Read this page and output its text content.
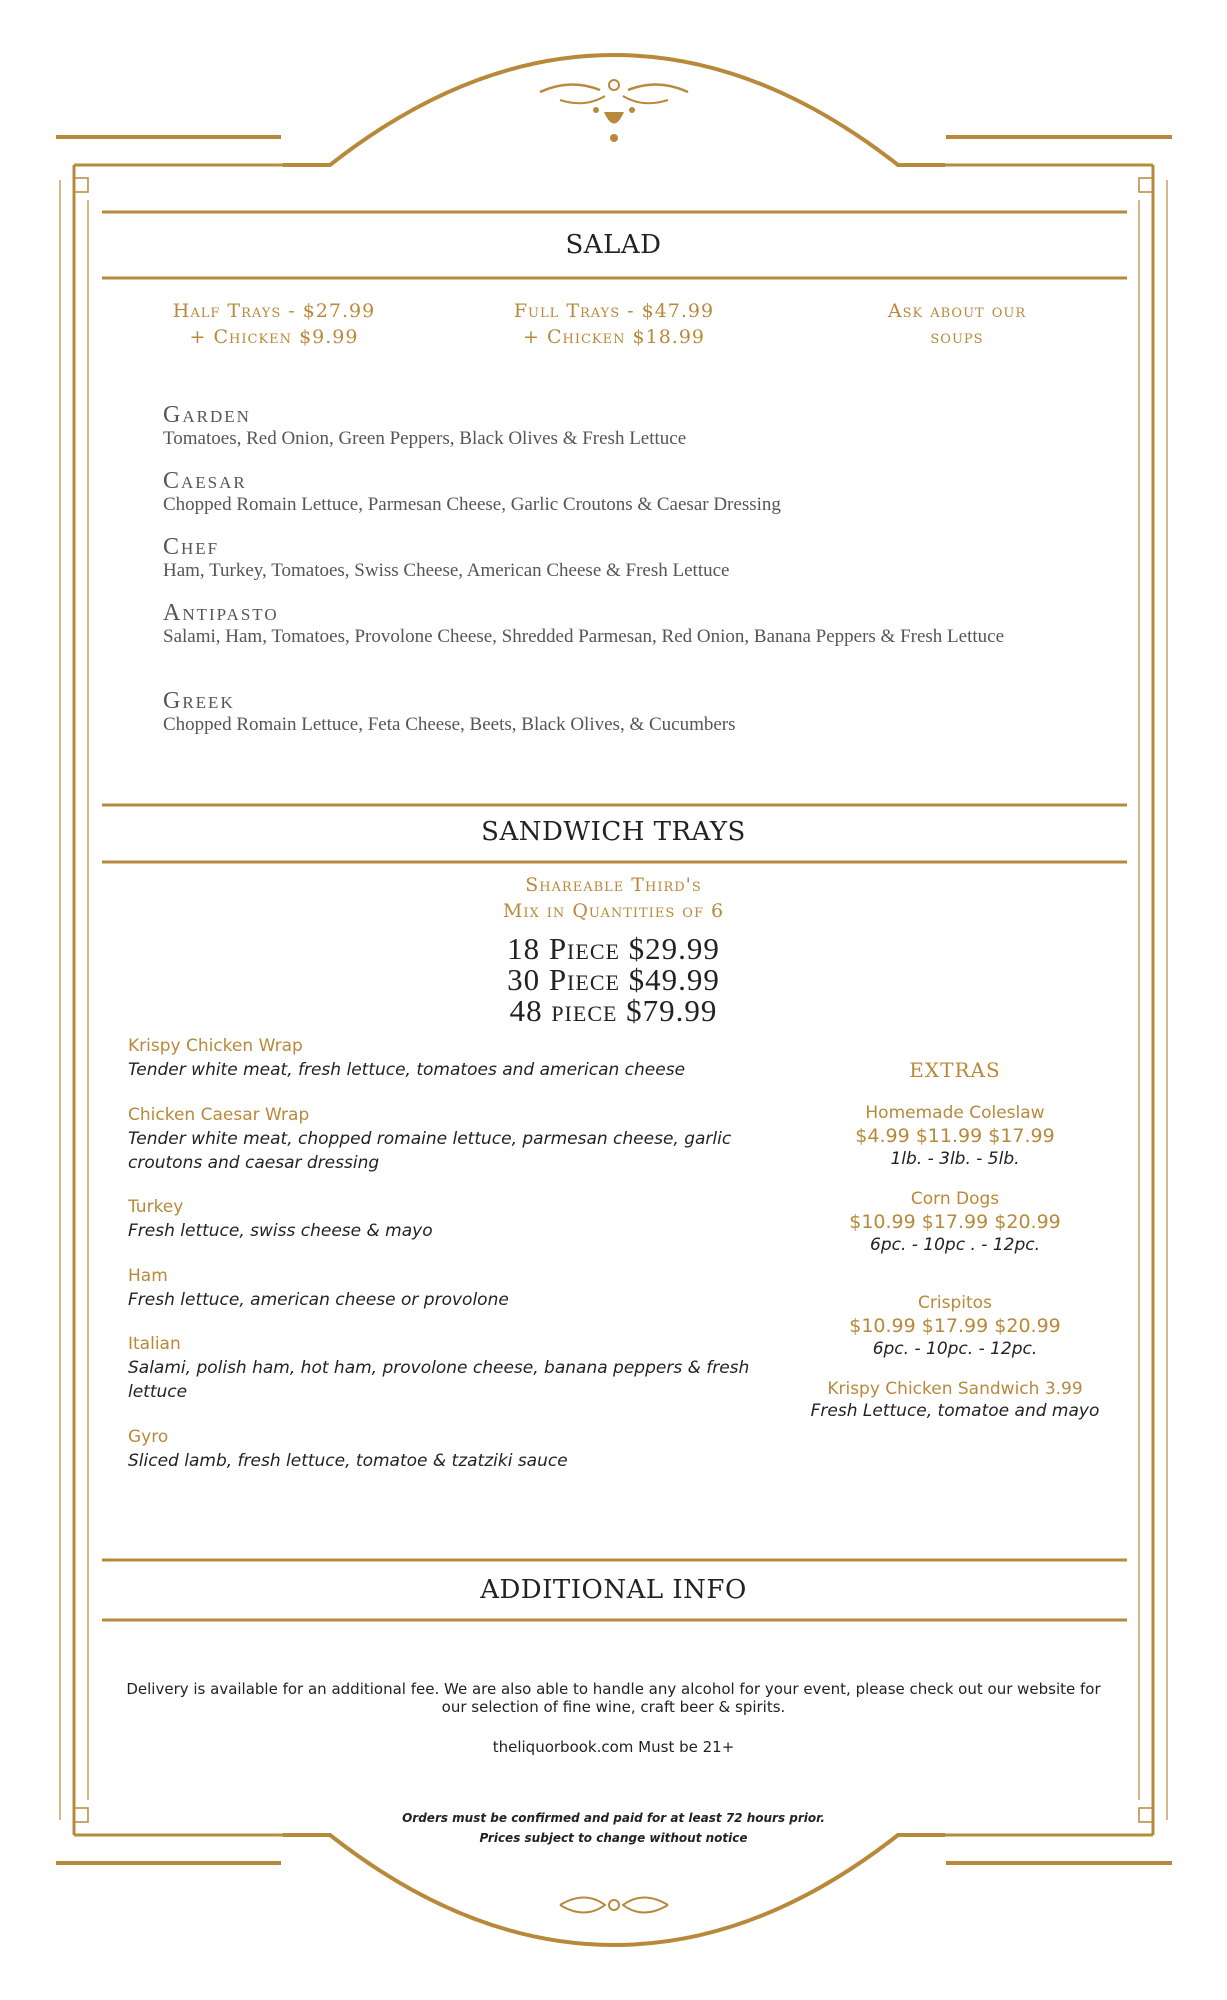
SALAD
Half Trays - $27.99
+ Chicken $9.99
Full Trays - $47.99
+ Chicken $18.99
Ask about our
soups
Garden
Tomatoes, Red Onion, Green Peppers, Black Olives & Fresh Lettuce
Caesar
Chopped Romain Lettuce, Parmesan Cheese, Garlic Croutons & Caesar Dressing
Chef
Ham, Turkey, Tomatoes, Swiss Cheese, American Cheese & Fresh Lettuce
Antipasto
Salami, Ham, Tomatoes, Provolone Cheese, Shredded Parmesan, Red Onion, Banana Peppers & Fresh Lettuce
Greek
Chopped Romain Lettuce, Feta Cheese, Beets, Black Olives, & Cucumbers
SANDWICH TRAYS
Shareable Third's
Mix in Quantities of 6
18 Piece $29.99
30 Piece $49.99
48 piece $79.99
Krispy Chicken Wrap
Tender white meat, fresh lettuce, tomatoes and american cheese
Chicken Caesar Wrap
Tender white meat, chopped romaine lettuce, parmesan cheese, garlic croutons and caesar dressing
Turkey
Fresh lettuce, swiss cheese & mayo
Ham
Fresh lettuce, american cheese or provolone
Italian
Salami, polish ham, hot ham, provolone cheese, banana peppers & fresh lettuce
Gyro
Sliced lamb, fresh lettuce, tomatoe & tzatziki sauce
EXTRAS
Homemade Coleslaw
$4.99 $11.99 $17.99
1lb. - 3lb. - 5lb.
Corn Dogs
$10.99 $17.99 $20.99
6pc. - 10pc . - 12pc.
Crispitos
$10.99 $17.99 $20.99
6pc. - 10pc. - 12pc.
Krispy Chicken Sandwich 3.99
Fresh Lettuce, tomatoe and mayo
ADDITIONAL INFO
Delivery is available for an additional fee. We are also able to handle any alcohol for your event, please check out our website for our selection of fine wine, craft beer & spirits.
theliquorbook.com Must be 21+
Orders must be confirmed and paid for at least 72 hours prior.
Prices subject to change without notice
